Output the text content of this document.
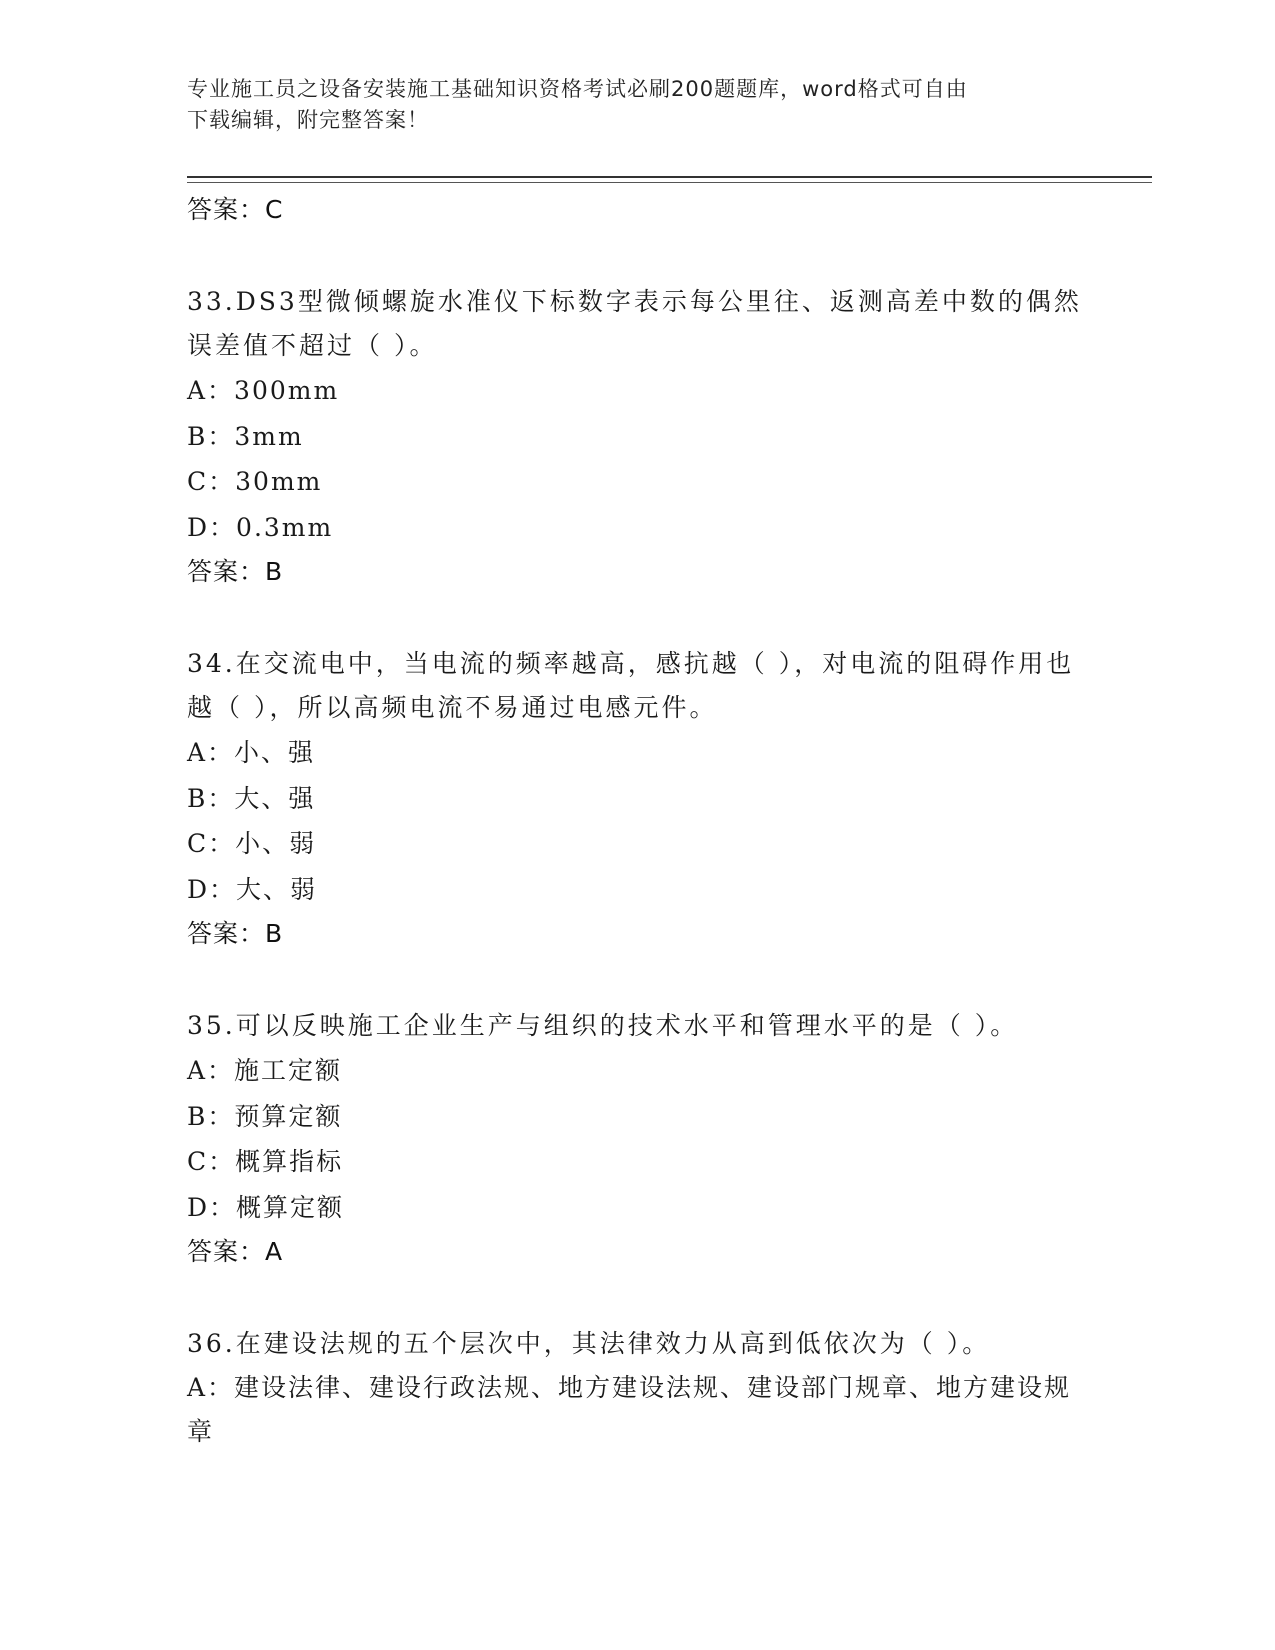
专业施工员之设备安装施工基础知识资格考试必刷200题题库，word格式可自由
下载编辑，附完整答案！

答案：C

33.DS3型微倾螺旋水准仪下标数字表示每公里往、返测高差中数的偶然误差值不超过（ ）。

A：300mm

B：3mm

C：30mm

D：0.3mm

答案：B

34.在交流电中，当电流的频率越高，感抗越（ ），对电流的阻碍作用也越（ ），所以高频电流不易通过电感元件。

A：小、强

B：大、强

C：小、弱

D：大、弱

答案：B

35.可以反映施工企业生产与组织的技术水平和管理水平的是（ ）。

A：施工定额

B：预算定额

C：概算指标

D：概算定额

答案：A

36.在建设法规的五个层次中，其法律效力从高到低依次为（ ）。

A：建设法律、建设行政法规、地方建设法规、建设部门规章、地方建设规章
